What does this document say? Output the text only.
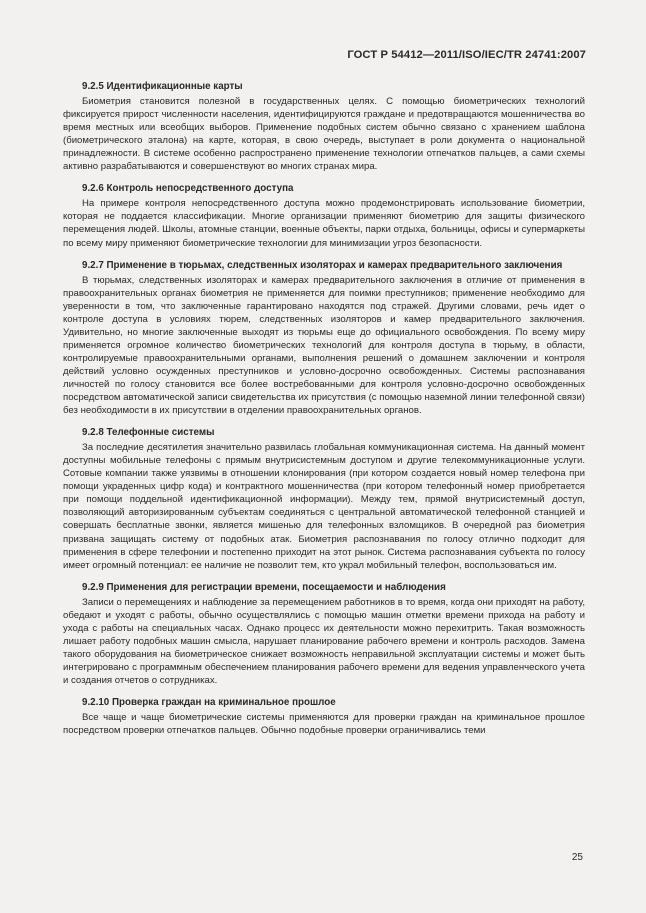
ГОСТ Р 54412—2011/ISO/IEC/TR 24741:2007
9.2.5 Идентификационные карты

Биометрия становится полезной в государственных целях. С помощью биометрических технологий фиксируется прирост численности населения, идентифицируются граждане и предотвращаются мошенничества во время местных или всеобщих выборов. Применение подобных систем обычно связано с хранением шаблона (биометрического эталона) на карте, которая, в свою очередь, выступает в роли документа о национальной принадлежности. В системе особенно распространено применение технологии отпечатков пальцев, а сами схемы активно разрабатываются и совершенствуют во многих странах мира.

9.2.6 Контроль непосредственного доступа

На примере контроля непосредственного доступа можно продемонстрировать использование биометрии, которая не поддается классификации. Многие организации применяют биометрию для защиты физического перемещения людей. Школы, атомные станции, военные объекты, парки отдыха, больницы, офисы и супермаркеты по всему миру применяют биометрические технологии для минимизации угроз безопасности.

9.2.7 Применение в тюрьмах, следственных изоляторах и камерах предварительного заключения

В тюрьмах, следственных изоляторах и камерах предварительного заключения в отличие от применения в правоохранительных органах биометрия не применяется для поимки преступников; применение необходимо для уверенности в том, что заключенные гарантировано находятся под стражей. Другими словами, речь идет о контроле доступа в условиях тюрем, следственных изоляторов и камер предварительного заключения. Удивительно, но многие заключенные выходят из тюрьмы еще до официального освобождения. По всему миру применяется огромное количество биометрических технологий для контроля доступа в тюрьму, в области, контролируемые правоохранительными органами, выполнения решений о домашнем заключении и контроля действий условно осужденных преступников и условно-досрочно освобожденных. Системы распознавания личностей по голосу становится все более востребованными для контроля условно-досрочно освобожденных посредством автоматической записи свидетельства их присутствия (с помощью наземной линии телефонной связи) без необходимости в их присутствии в отделении правоохранительных органов.

9.2.8 Телефонные системы

За последние десятилетия значительно развилась глобальная коммуникационная система. На данный момент доступны мобильные телефоны с прямым внутрисистемным доступом и другие телекоммуникационные услуги. Сотовые компании также уязвимы в отношении клонирования (при котором создается новый номер телефона при помощи украденных цифр кода) и контрактного мошенничества (при котором телефонный номер приобретается при помощи поддельной идентификационной информации). Между тем, прямой внутрисистемный доступ, позволяющий авторизированным субъектам соединяться с центральной автоматической телефонной станцией и совершать бесплатные звонки, является мишенью для телефонных взломщиков. В очередной раз биометрия призвана защищать систему от подобных атак. Биометрия распознавания по голосу отлично подходит для применения в сфере телефонии и постепенно приходит на этот рынок. Система распознавания субъекта по голосу имеет огромный потенциал: ее наличие не позволит тем, кто украл мобильный телефон, воспользоваться им.

9.2.9 Применения для регистрации времени, посещаемости и наблюдения

Записи о перемещениях и наблюдение за перемещением работников в то время, когда они приходят на работу, обедают и уходят с работы, обычно осуществлялись с помощью машин отметки времени прихода на работу и ухода с работы на специальных часах. Однако процесс их деятельности можно перехитрить. Такая возможность лишает работу подобных машин смысла, нарушает планирование рабочего времени и контроль расходов. Замена такого оборудования на биометрическое снижает возможность неправильной эксплуатации системы и может быть интегрировано с программным обеспечением планирования рабочего времени для ведения управленческого учета и создания отчетов о сотрудниках.

9.2.10 Проверка граждан на криминальное прошлое

Все чаще и чаще биометрические системы применяются для проверки граждан на криминальное прошлое посредством проверки отпечатков пальцев. Обычно подобные проверки ограничивались теми

25
